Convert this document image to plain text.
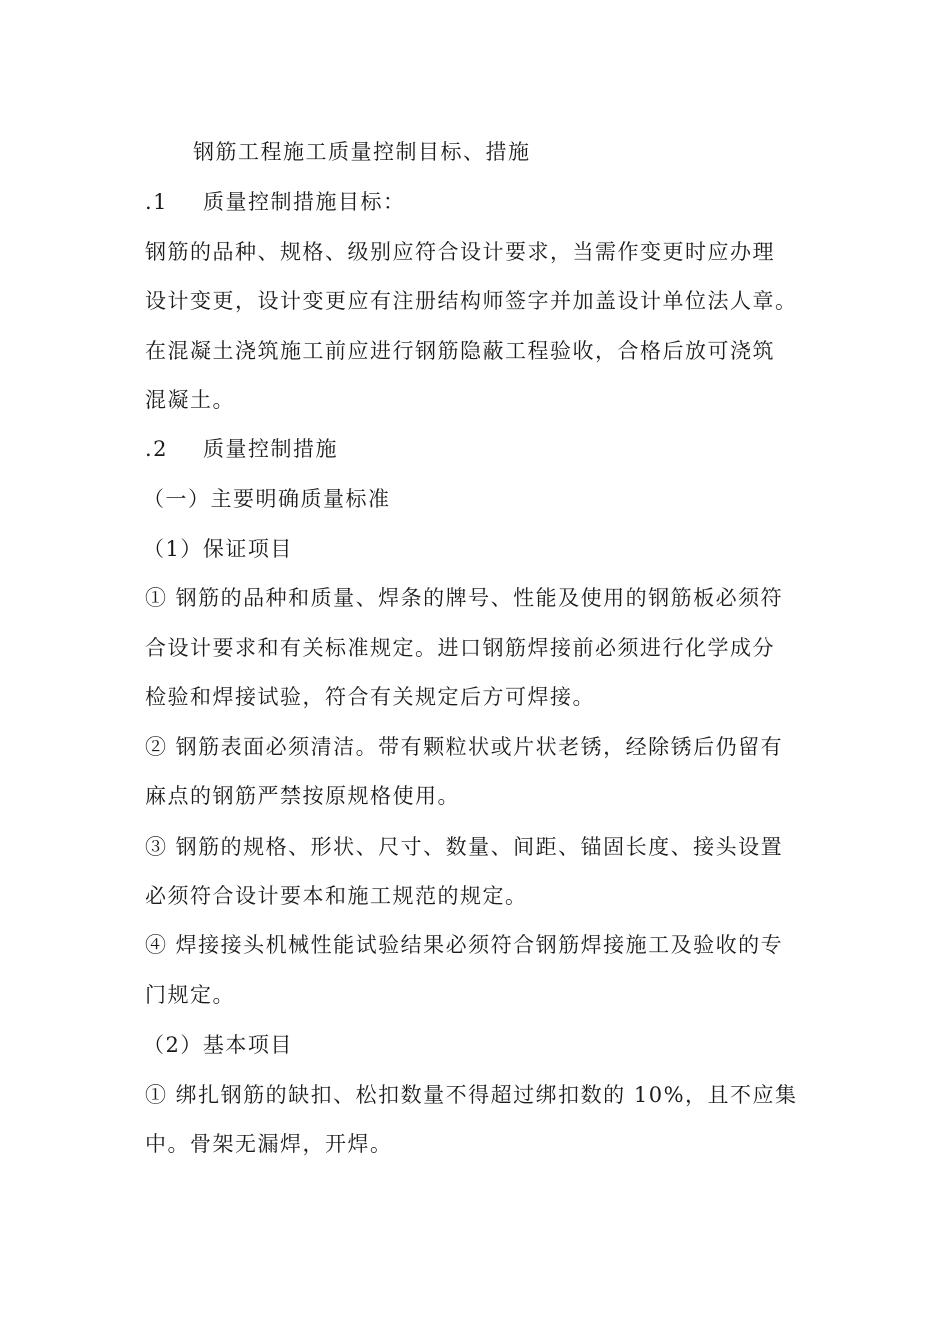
钢筋工程施工质量控制目标、措施
.1 质量控制措施目标：
钢筋的品种、规格、级别应符合设计要求，当需作变更时应办理
设计变更，设计变更应有注册结构师签字并加盖设计单位法人章。
在混凝土浇筑施工前应进行钢筋隐蔽工程验收，合格后放可浇筑
混凝土。
.2 质量控制措施
（一）主要明确质量标准
（1）保证项目
① 钢筋的品种和质量、焊条的牌号、性能及使用的钢筋板必须符
合设计要求和有关标准规定。进口钢筋焊接前必须进行化学成分
检验和焊接试验，符合有关规定后方可焊接。
② 钢筋表面必须清洁。带有颗粒状或片状老锈，经除锈后仍留有
麻点的钢筋严禁按原规格使用。
③ 钢筋的规格、形状、尺寸、数量、间距、锚固长度、接头设置
必须符合设计要本和施工规范的规定。
④ 焊接接头机械性能试验结果必须符合钢筋焊接施工及验收的专
门规定。
（2）基本项目
① 绑扎钢筋的缺扣、松扣数量不得超过绑扣数的 10%，且不应集
中。骨架无漏焊，开焊。
